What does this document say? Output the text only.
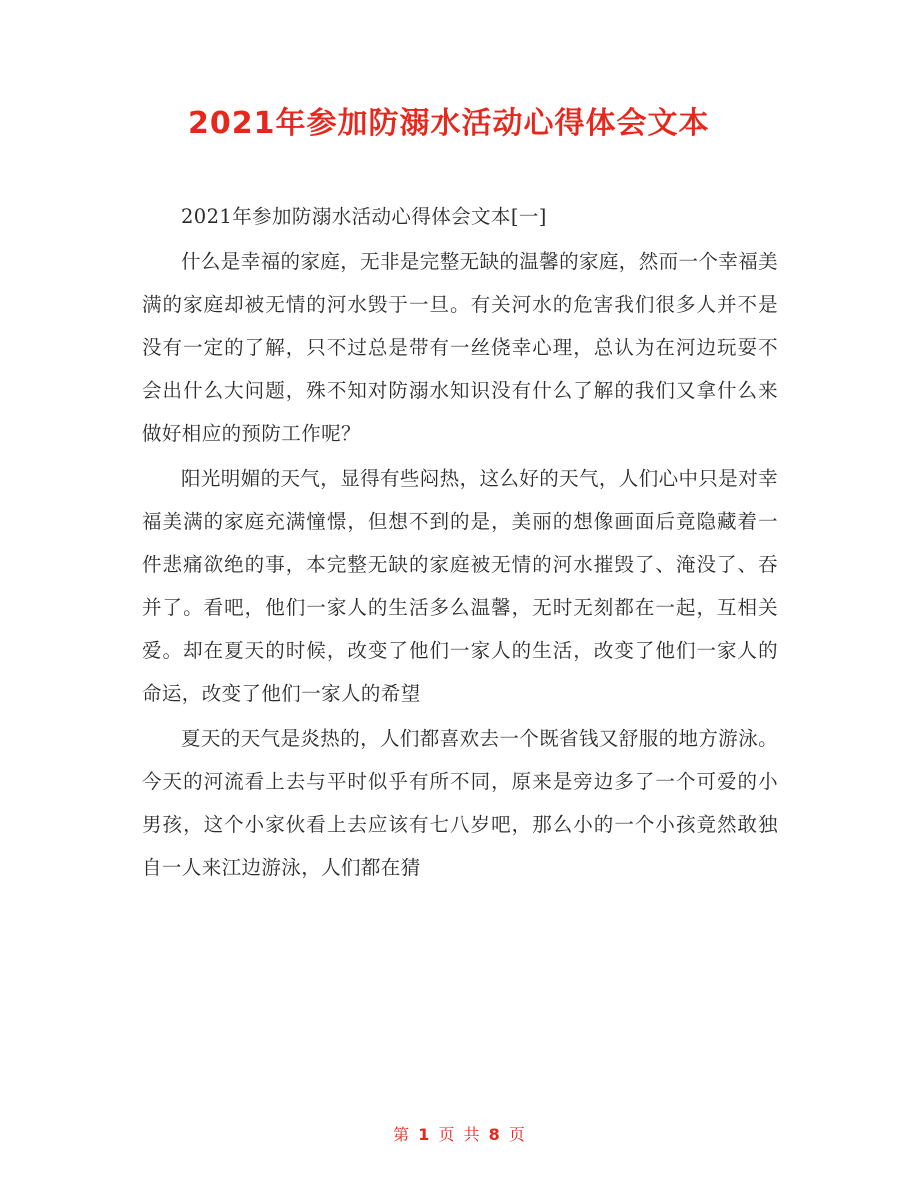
2021年参加防溺水活动心得体会文本

2021年参加防溺水活动心得体会文本[一]

什么是幸福的家庭，无非是完整无缺的温馨的家庭，然而一个幸福美满的家庭却被无情的河水毁于一旦。有关河水的危害我们很多人并不是没有一定的了解，只不过总是带有一丝侥幸心理，总认为在河边玩耍不会出什么大问题，殊不知对防溺水知识没有什么了解的我们又拿什么来做好相应的预防工作呢？

阳光明媚的天气，显得有些闷热，这么好的天气，人们心中只是对幸福美满的家庭充满憧憬，但想不到的是，美丽的想像画面后竟隐藏着一件悲痛欲绝的事，本完整无缺的家庭被无情的河水摧毁了、淹没了、吞并了。看吧，他们一家人的生活多么温馨，无时无刻都在一起，互相关爱。却在夏天的时候，改变了他们一家人的生活，改变了他们一家人的命运，改变了他们一家人的希望

夏天的天气是炎热的，人们都喜欢去一个既省钱又舒服的地方游泳。今天的河流看上去与平时似乎有所不同，原来是旁边多了一个可爱的小男孩，这个小家伙看上去应该有七八岁吧，那么小的一个小孩竟然敢独自一人来江边游泳，人们都在猜

第 1 页 共 8 页
